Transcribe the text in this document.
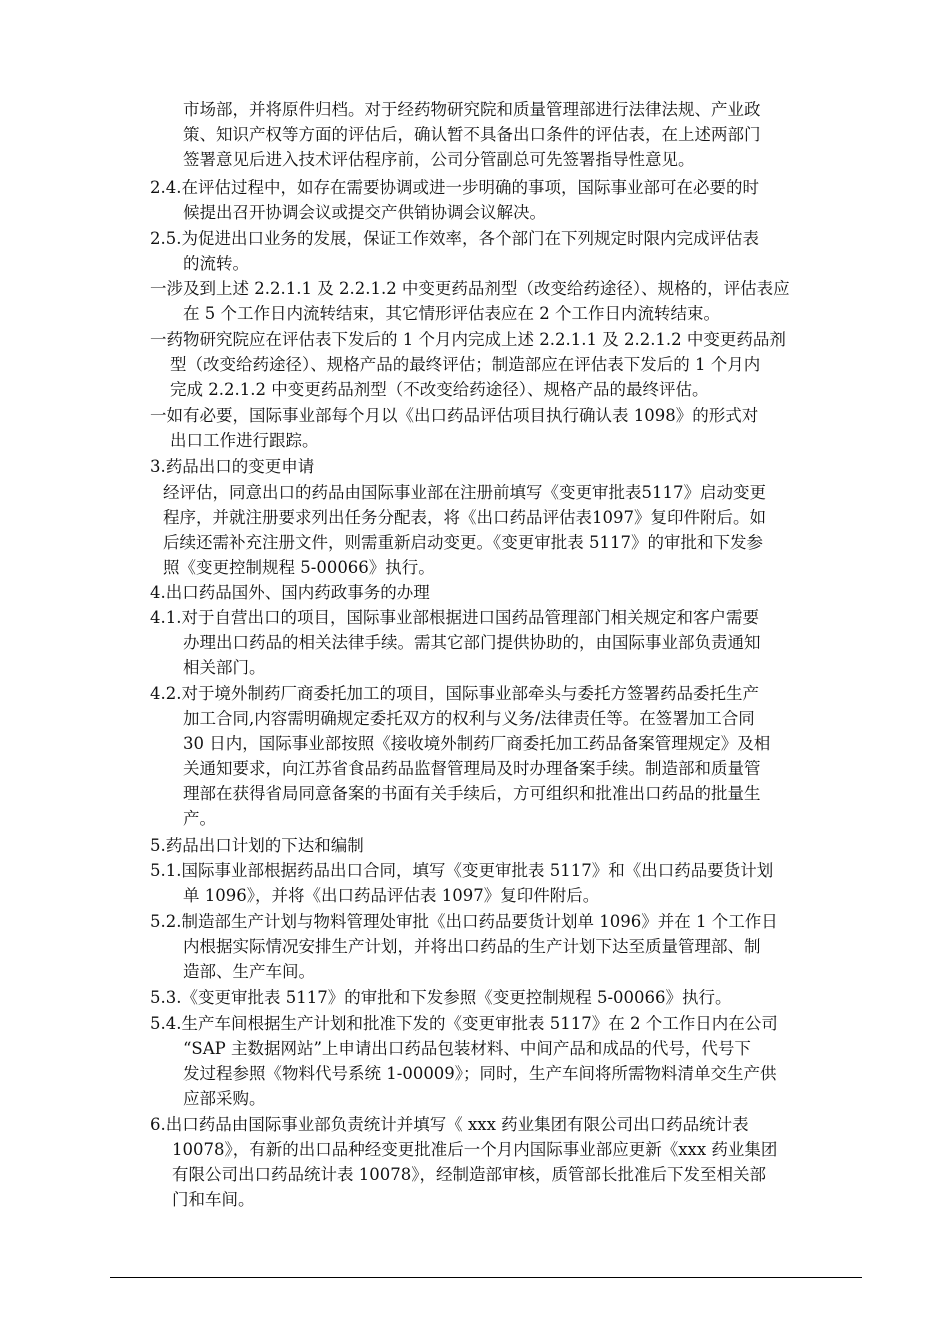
市场部，并将原件归档。对于经药物研究院和质量管理部进行法律法规、产业政
策、知识产权等方面的评估后，确认暂不具备出口条件的评估表，在上述两部门
签署意见后进入技术评估程序前，公司分管副总可先签署指导性意见。
2.4.在评估过程中，如存在需要协调或进一步明确的事项，国际事业部可在必要的时
候提出召开协调会议或提交产供销协调会议解决。
2.5.为促进出口业务的发展，保证工作效率，各个部门在下列规定时限内完成评估表
的流转。
一涉及到上述 2.2.1.1 及 2.2.1.2 中变更药品剂型（改变给药途径）、规格的，评估表应
在 5 个工作日内流转结束，其它情形评估表应在 2 个工作日内流转结束。
一药物研究院应在评估表下发后的 1 个月内完成上述 2.2.1.1 及 2.2.1.2 中变更药品剂
型（改变给药途径）、规格产品的最终评估；制造部应在评估表下发后的 1 个月内
完成 2.2.1.2 中变更药品剂型（不改变给药途径）、规格产品的最终评估。
一如有必要，国际事业部每个月以《出口药品评估项目执行确认表 1098》的形式对
出口工作进行跟踪。
3.药品出口的变更申请
经评估，同意出口的药品由国际事业部在注册前填写《变更审批表5117》启动变更
程序，并就注册要求列出任务分配表，将《出口药品评估表1097》复印件附后。如
后续还需补充注册文件，则需重新启动变更。《变更审批表 5117》的审批和下发参
照《变更控制规程 5-00066》执行。
4.出口药品国外、国内药政事务的办理
4.1.对于自营出口的项目，国际事业部根据进口国药品管理部门相关规定和客户需要
办理出口药品的相关法律手续。需其它部门提供协助的，由国际事业部负责通知
相关部门。
4.2.对于境外制药厂商委托加工的项目，国际事业部牵头与委托方签署药品委托生产
加工合同,内容需明确规定委托双方的权利与义务/法律责任等。在签署加工合同
30 日内，国际事业部按照《接收境外制药厂商委托加工药品备案管理规定》及相
关通知要求，向江苏省食品药品监督管理局及时办理备案手续。制造部和质量管
理部在获得省局同意备案的书面有关手续后，方可组织和批准出口药品的批量生
产。
5.药品出口计划的下达和编制
5.1.国际事业部根据药品出口合同，填写《变更审批表 5117》和《出口药品要货计划
单 1096》，并将《出口药品评估表 1097》复印件附后。
5.2.制造部生产计划与物料管理处审批《出口药品要货计划单 1096》并在 1 个工作日
内根据实际情况安排生产计划，并将出口药品的生产计划下达至质量管理部、制
造部、生产车间。
5.3.《变更审批表 5117》的审批和下发参照《变更控制规程 5-00066》执行。
5.4.生产车间根据生产计划和批准下发的《变更审批表 5117》在 2 个工作日内在公司
“SAP 主数据网站”上申请出口药品包装材料、中间产品和成品的代号，代号下
发过程参照《物料代号系统 1-00009》；同时，生产车间将所需物料清单交生产供
应部采购。
6.出口药品由国际事业部负责统计并填写《 xxx 药业集团有限公司出口药品统计表
10078》，有新的出口品种经变更批准后一个月内国际事业部应更新《xxx 药业集团
有限公司出口药品统计表 10078》，经制造部审核，质管部长批准后下发至相关部
门和车间。
